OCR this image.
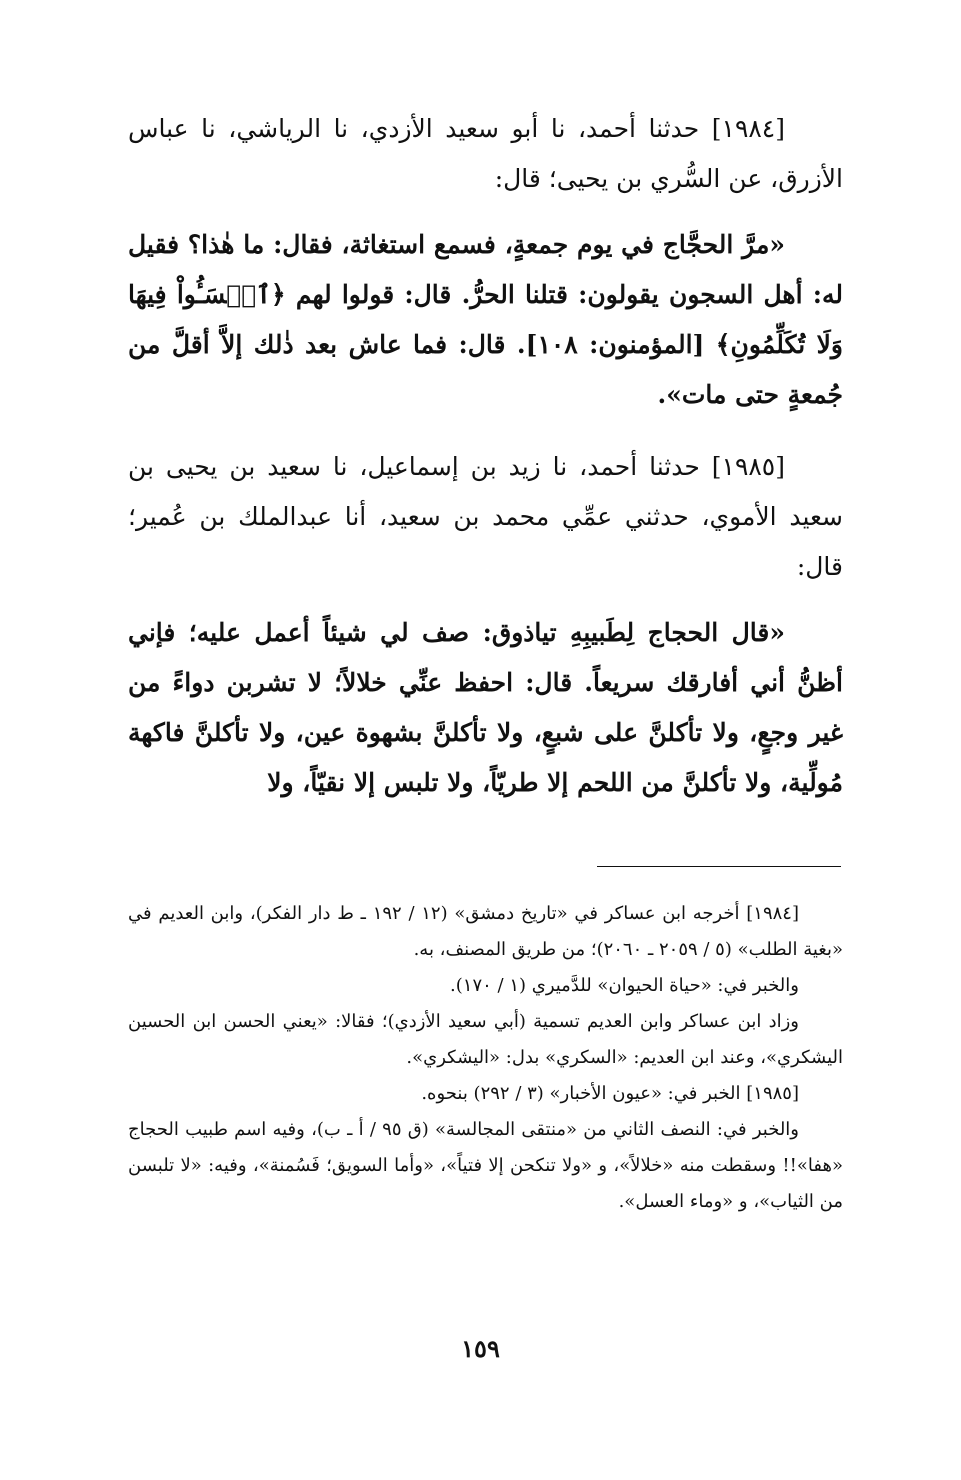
[١٩٨٤] حدثنا أحمد، نا أبو سعيد الأزدي، نا الرياشي، نا عباس الأزرق، عن السُّري بن يحيى؛ قال:

«مرَّ الحجَّاج في يوم جمعةٍ، فسمع استغاثة، فقال: ما هٰذا؟ فقيل له: أهل السجون يقولون: قتلنا الحرُّ. قال: قولوا لهم ﴿ٱخۡسَـُٔواْ فِيهَا وَلَا تُكَلِّمُونِ﴾ [المؤمنون: ١٠٨]. قال: فما عاش بعد ذٰلك إلاَّ أقلَّ من جُمعةٍ حتى مات».

[١٩٨٥] حدثنا أحمد، نا زيد بن إسماعيل، نا سعيد بن يحيى بن سعيد الأموي، حدثني عمِّي محمد بن سعيد، أنا عبدالملك بن عُمير؛ قال:

«قال الحجاج لِطَبيبِهِ تياذوق: صف لي شيئاً أعمل عليه؛ فإني أظنُّ أني أفارقك سريعاً. قال: احفظ عنِّي خلالاً؛ لا تشربن دواءً من غير وجعٍ، ولا تأكلنَّ على شبعٍ، ولا تأكلنَّ بشهوة عين، ولا تأكلنَّ فاكهة مُولِّية، ولا تأكلنَّ من اللحم إلا طريّاً، ولا تلبس إلا نقيّاً، ولا

[١٩٨٤] أخرجه ابن عساكر في «تاريخ دمشق» (١٢ / ١٩٢ ـ ط دار الفكر)، وابن العديم في «بغية الطلب» (٥ / ٢٠٥٩ ـ ٢٠٦٠)؛ من طريق المصنف، به.

والخبر في: «حياة الحيوان» للدَّميري (١ / ١٧٠).

وزاد ابن عساكر وابن العديم تسمية (أبي سعيد الأزدي)؛ فقالا: «يعني الحسن ابن الحسين اليشكري»، وعند ابن العديم: «السكري» بدل: «اليشكري».

[١٩٨٥] الخبر في: «عيون الأخبار» (٣ / ٢٩٢) بنحوه.

والخبر في: النصف الثاني من «منتقى المجالسة» (ق ٩٥ / أ ـ ب)، وفيه اسم طبيب الحجاج «هفا»!! وسقطت منه «خلالاً»، و «ولا تنكحن إلا فتياً»، «وأما السويق؛ فَسُمنة»، وفيه: «لا تلبسن من الثياب»، و «وماء العسل».

١٥٩
